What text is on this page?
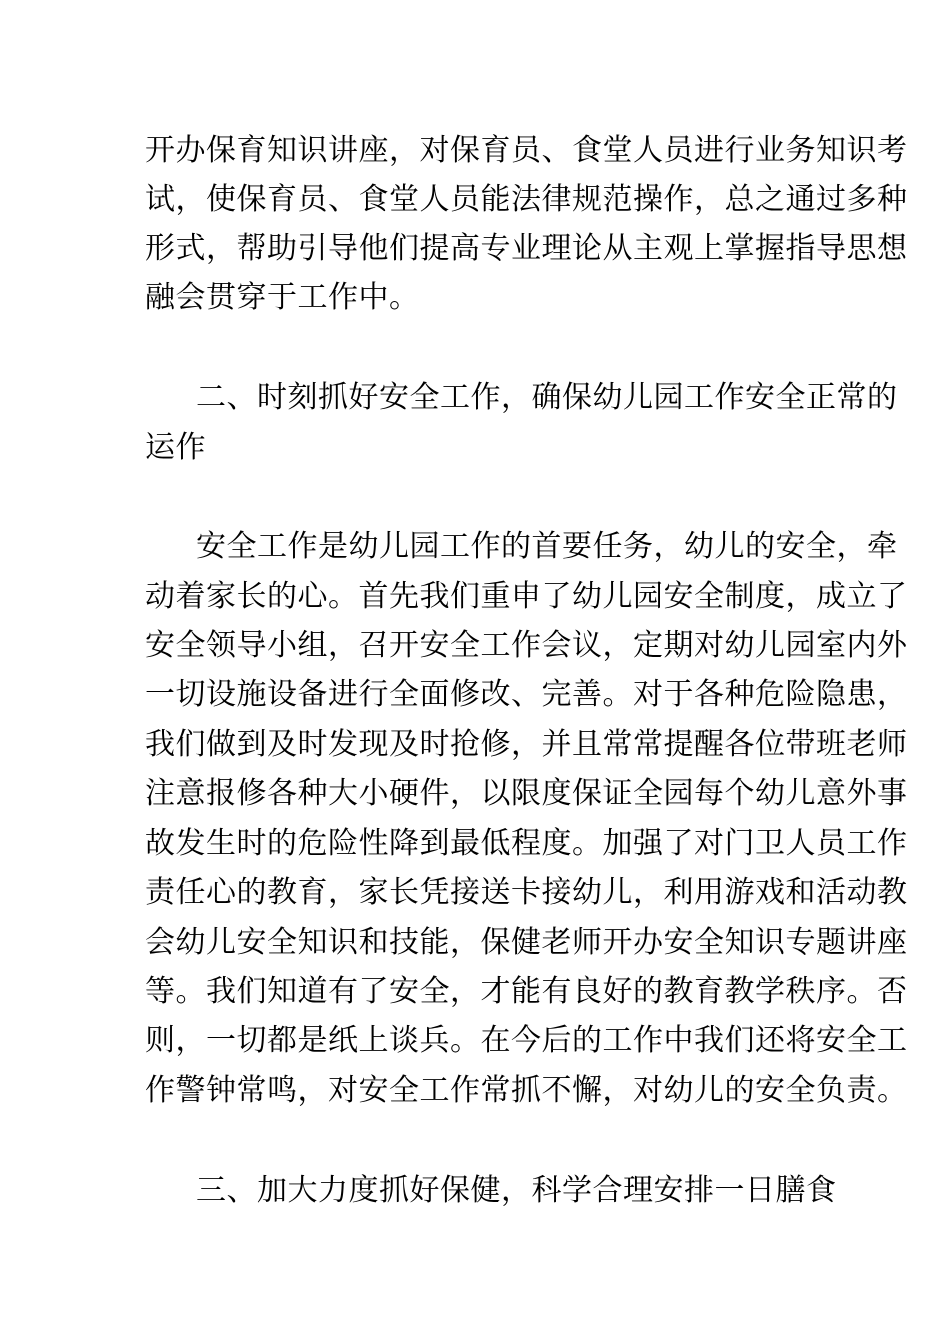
开办保育知识讲座，对保育员、食堂人员进行业务知识考
试，使保育员、食堂人员能法律规范操作，总之通过多种
形式，帮助引导他们提高专业理论从主观上掌握指导思想
融会贯穿于工作中。
二、时刻抓好安全工作，确保幼儿园工作安全正常的
运作
安全工作是幼儿园工作的首要任务，幼儿的安全，牵
动着家长的心。首先我们重申了幼儿园安全制度，成立了
安全领导小组，召开安全工作会议，定期对幼儿园室内外
一切设施设备进行全面修改、完善。对于各种危险隐患，
我们做到及时发现及时抢修，并且常常提醒各位带班老师
注意报修各种大小硬件，以限度保证全园每个幼儿意外事
故发生时的危险性降到最低程度。加强了对门卫人员工作
责任心的教育，家长凭接送卡接幼儿，利用游戏和活动教
会幼儿安全知识和技能，保健老师开办安全知识专题讲座
等。我们知道有了安全，才能有良好的教育教学秩序。否
则，一切都是纸上谈兵。在今后的工作中我们还将安全工
作警钟常鸣，对安全工作常抓不懈，对幼儿的安全负责。
三、加大力度抓好保健，科学合理安排一日膳食
